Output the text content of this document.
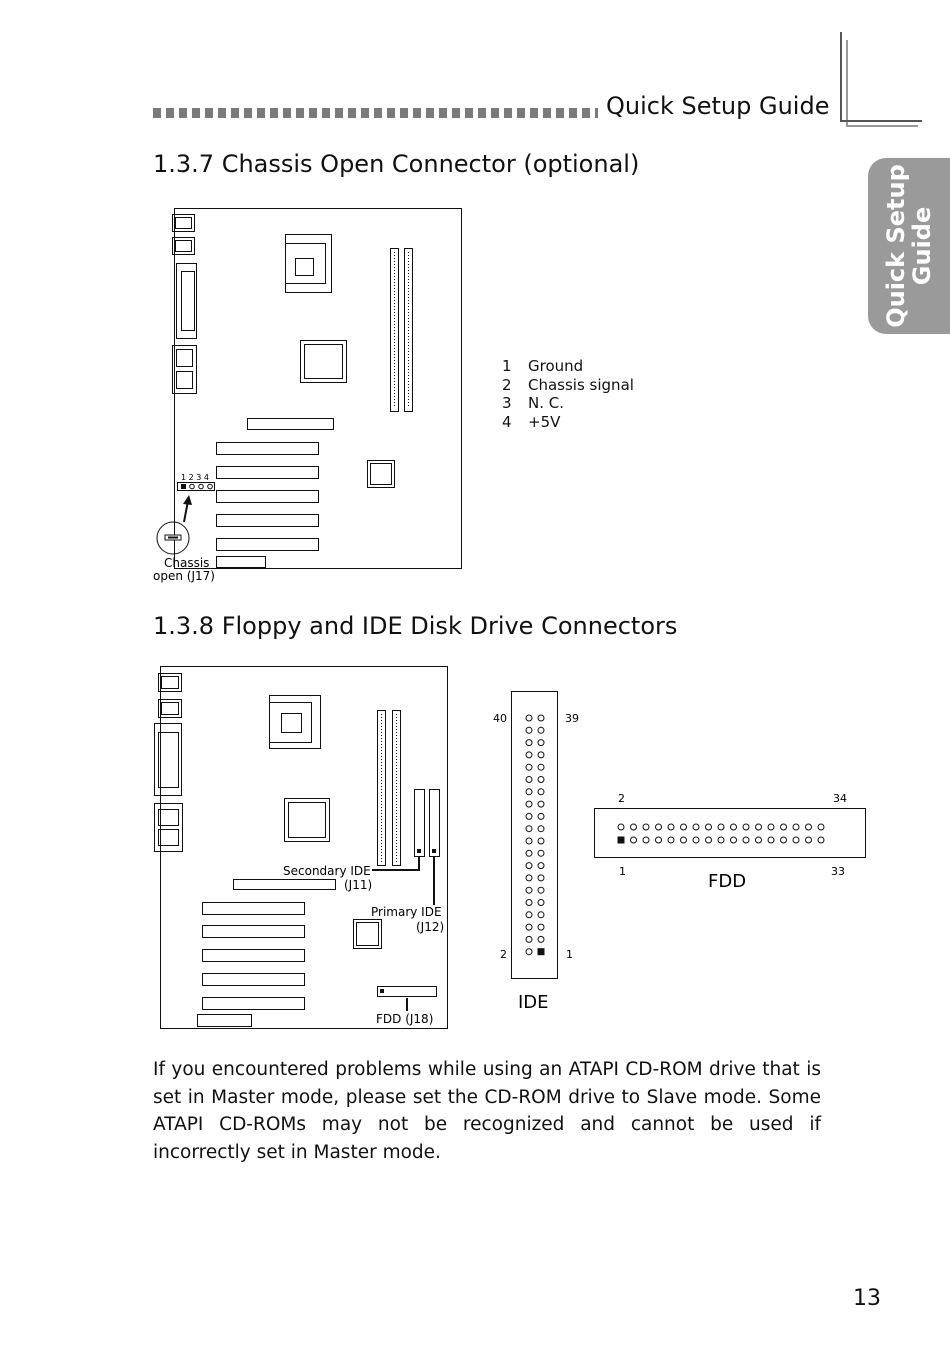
Quick Setup Guide
Quick Setup
Guide
1.3.7 Chassis Open Connector (optional)
1 2 3 4
Chassis
open (J17)
1 Ground
2 Chassis signal
3 N. C.
4 +5V
1.3.8 Floppy and IDE Disk Drive Connectors
Secondary IDE
(J11)
Primary IDE
(J12)
FDD (J18)
40	39
2	1
IDE
2	34
1	33
FDD
If you encountered problems while using an ATAPI CD-ROM drive that is set in Master mode, please set the CD-ROM drive to Slave mode. Some ATAPI CD-ROMs may not be recognized and cannot be used if incorrectly set in Master mode.
13
